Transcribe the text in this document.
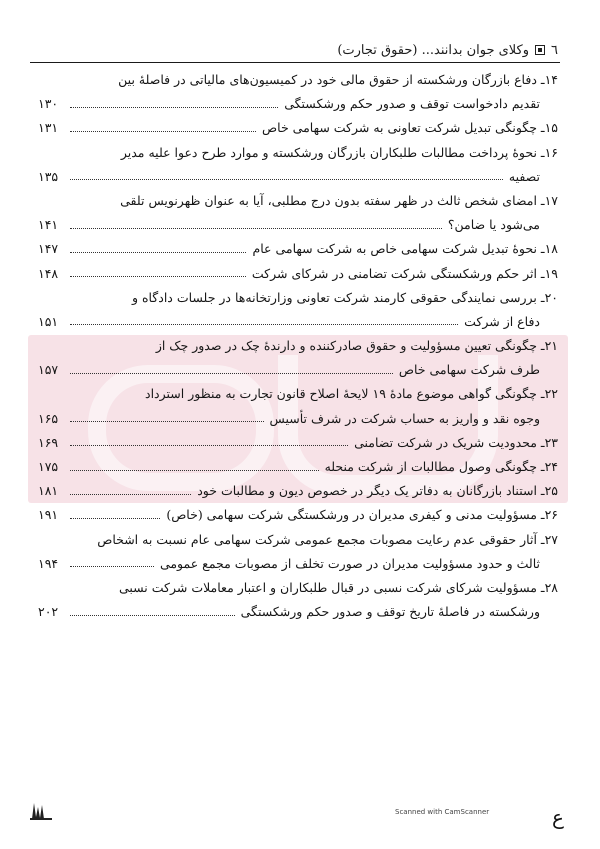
٦
وکلای جوان بدانند... (حقوق تجارت)
۱۴ـ دفاع بازرگان ورشکسته از حقوق مالی خود در کمیسیون‌های مالیاتی در فاصلهٔ بین
تقدیم دادخواست توقف و صدور حکم ورشکستگی
۱۳۰
۱۵ـ چگونگی تبدیل شرکت تعاونی به شرکت سهامی خاص
۱۳۱
۱۶ـ نحوهٔ پرداخت مطالبات طلبکاران بازرگان ورشکسته و موارد طرح دعوا علیه مدیر
تصفیه
۱۳۵
۱۷ـ امضای شخص ثالث در ظهر سفته بدون درج مطلبی، آیا به عنوان ظهرنویس تلقی
می‌شود یا ضامن؟
۱۴۱
۱۸ـ نحوهٔ تبدیل شرکت سهامی خاص به شرکت سهامی عام
۱۴۷
۱۹ـ اثر حکم ورشکستگی شرکت تضامنی در شرکای شرکت
۱۴۸
۲۰ـ بررسی نمایندگی حقوقی کارمند شرکت تعاونی وزارتخانه‌ها در جلسات دادگاه و
دفاع از شرکت
۱۵۱
۲۱ـ چگونگی تعیین مسؤولیت و حقوق صادرکننده و دارندهٔ چک در صدور چک از
طرف شرکت سهامی خاص
۱۵۷
۲۲ـ چگونگی گواهی موضوع مادهٔ ۱۹ لایحهٔ اصلاح قانون تجارت به منظور استرداد
وجوه نقد و واریز به حساب شرکت در شرف تأسیس
۱۶۵
۲۳ـ محدودیت شریک در شرکت تضامنی
۱۶۹
۲۴ـ چگونگی وصول مطالبات از شرکت منحله
۱۷۵
۲۵ـ استناد بازرگانان به دفاتر یک دیگر در خصوص دیون و مطالبات خود
۱۸۱
۲۶ـ مسؤولیت مدنی و کیفری مدیران در ورشکستگی شرکت سهامی (خاص)
۱۹۱
۲۷ـ آثار حقوقی عدم رعایت مصوبات مجمع عمومی شرکت سهامی عام نسبت به اشخاص
ثالث و حدود مسؤولیت مدیران در صورت تخلف از مصوبات مجمع عمومی
۱۹۴
۲۸ـ مسؤولیت شرکای شرکت نسبی در قبال طلبکاران و اعتبار معاملات شرکت نسبی
ورشکسته در فاصلهٔ تاریخ توقف و صدور حکم ورشکستگی
۲۰۲
ع
Scanned with CamScanner
